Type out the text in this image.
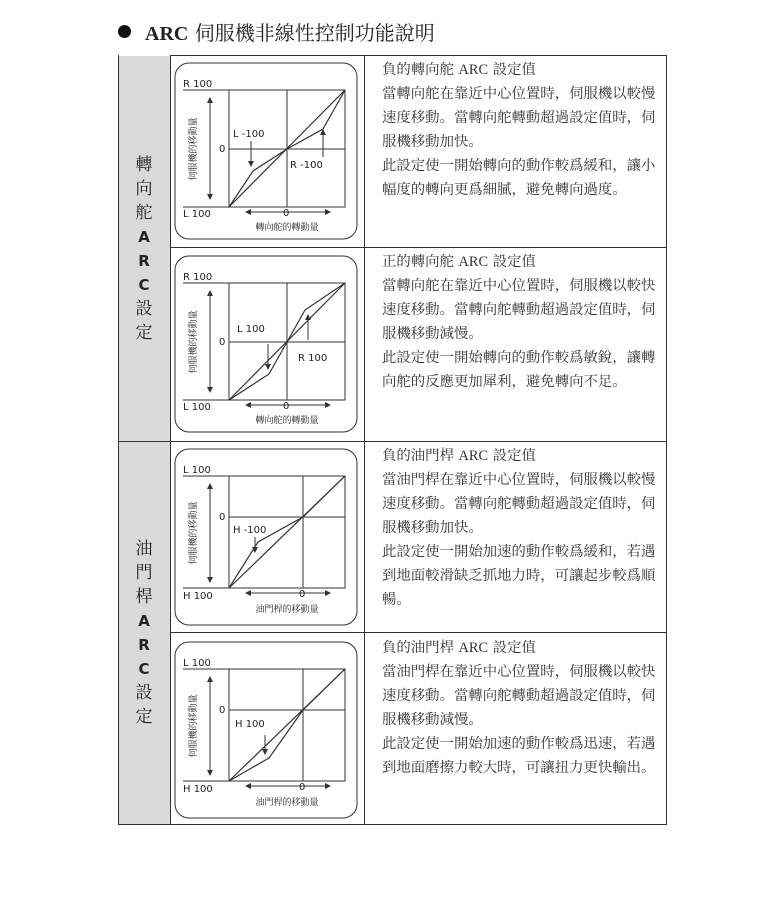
ARC 伺服機非線性控制功能說明
轉
向
舵
A
R
C
設
定
油
門
桿
A
R
C
設
定
負的轉向舵 ARC 設定值

當轉向舵在靠近中心位置時，伺服機以較慢速度移動。當轉向舵轉動超過設定值時，伺服機移動加快。

此設定使一開始轉向的動作較爲緩和，讓小幅度的轉向更爲細膩，避免轉向過度。

正的轉向舵 ARC 設定值

當轉向舵在靠近中心位置時，伺服機以較快速度移動。當轉向舵轉動超過設定值時，伺服機移動減慢。

此設定使一開始轉向的動作較爲敏銳，讓轉向舵的反應更加犀利，避免轉向不足。

負的油門桿 ARC 設定值

當油門桿在靠近中心位置時，伺服機以較慢速度移動。當轉向舵轉動超過設定值時，伺服機移動加快。

此設定使一開始加速的動作較爲緩和，若遇到地面較滑缺乏抓地力時，可讓起步較爲順暢。

負的油門桿 ARC 設定值

當油門桿在靠近中心位置時，伺服機以較快速度移動。當轉向舵轉動超過設定值時，伺服機移動減慢。

此設定使一開始加速的動作較爲迅速，若遇到地面磨擦力較大時，可讓扭力更快輸出。

R 100
L 100
0
0
L -100
R -100
伺服機的移動量
轉向舵的轉動量
R 100
L 100
0
0
L 100
R 100
伺服機的移動量
轉向舵的轉動量
L 100
H 100
0
0
H -100
伺服機的移動量
油門桿的移動量
L 100
H 100
0
0
H 100
伺服機的移動量
油門桿的移動量
